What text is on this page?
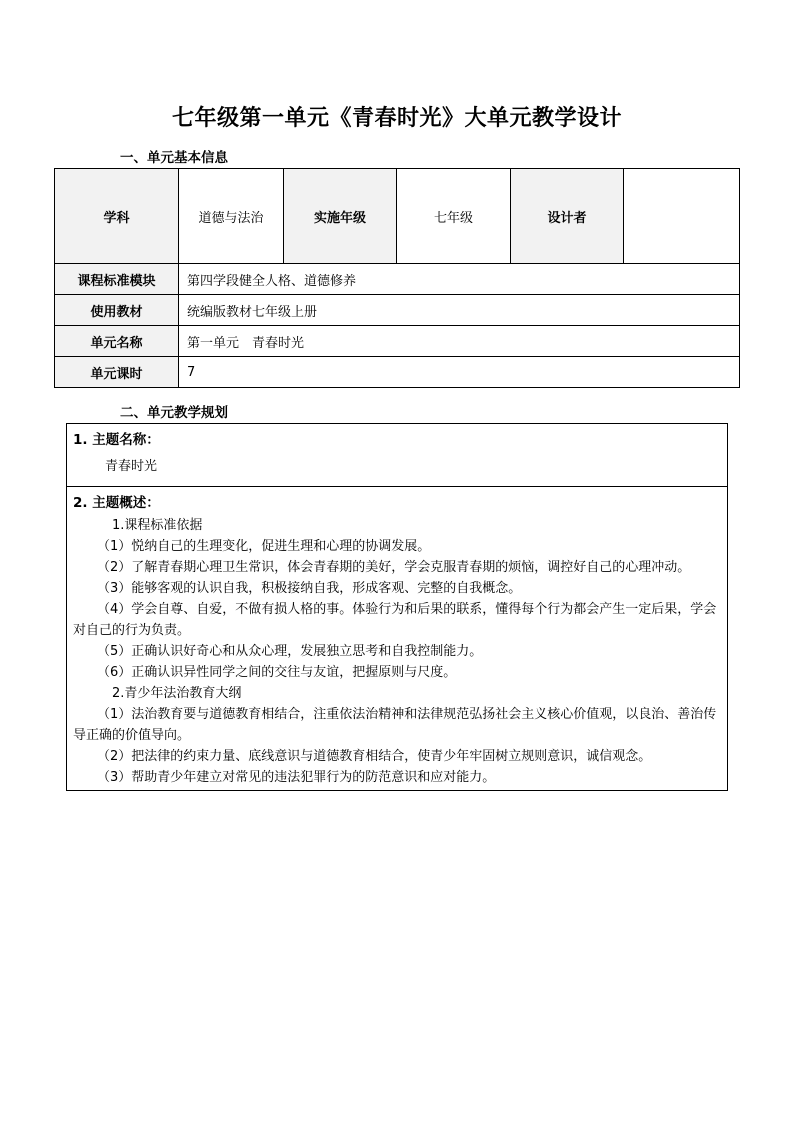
七年级第一单元《青春时光》大单元教学设计
一、单元基本信息
学科	道德与法治	实施年级	七年级	设计者	
课程标准模块	第四学段健全人格、道德修养				
使用教材	统编版教材七年级上册				
单元名称	第一单元　青春时光				
单元课时	7				
二、单元教学规划
1. 主题名称：
青春时光

2. 主题概述：
1.课程标准依据
（1）悦纳自己的生理变化，促进生理和心理的协调发展。
（2）了解青春期心理卫生常识，体会青春期的美好，学会克服青春期的烦恼，调控好自己的心理冲动。
（3）能够客观的认识自我，积极接纳自我，形成客观、完整的自我概念。
（4）学会自尊、自爱，不做有损人格的事。体验行为和后果的联系，懂得每个行为都会产生一定后果，学会对自己的行为负责。
（5）正确认识好奇心和从众心理，发展独立思考和自我控制能力。
（6）正确认识异性同学之间的交往与友谊，把握原则与尺度。
2.青少年法治教育大纲
（1）法治教育要与道德教育相结合，注重依法治精神和法律规范弘扬社会主义核心价值观，以良治、善治传导正确的价值导向。
（2）把法律的约束力量、底线意识与道德教育相结合，使青少年牢固树立规则意识，诚信观念。
（3）帮助青少年建立对常见的违法犯罪行为的防范意识和应对能力。
